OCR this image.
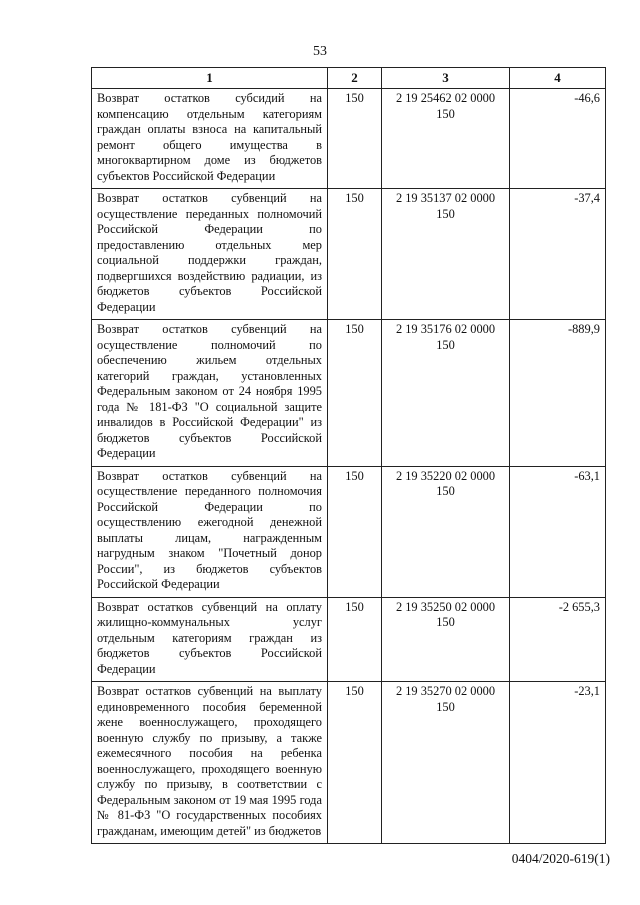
53
1	2	3	4
Возврат остатков субсидий на компенсацию отдельным категориям граждан оплаты взноса на капитальный ремонт общего имущества в многоквартирном доме из бюджетов субъектов Российской Федерации	150	2 19 25462 02 0000 150	-46,6
Возврат остатков субвенций на осуществление переданных полномочий Российской Федерации по предоставлению отдельных мер социальной поддержки граждан, подвергшихся воздействию радиации, из бюджетов субъектов Российской Федерации	150	2 19 35137 02 0000 150	-37,4
Возврат остатков субвенций на осуществление полномочий по обеспечению жильем отдельных категорий граждан, установленных Федеральным законом от 24 ноября 1995 года № 181-ФЗ "О социальной защите инвалидов в Российской Федерации" из бюджетов субъектов Российской Федерации	150	2 19 35176 02 0000 150	-889,9
Возврат остатков субвенций на осуществление переданного полномочия Российской Федерации по осуществлению ежегодной денежной выплаты лицам, награжденным нагрудным знаком "Почетный донор России", из бюджетов субъектов Российской Федерации	150	2 19 35220 02 0000 150	-63,1
Возврат остатков субвенций на оплату жилищно-коммунальных услуг отдельным категориям граждан из бюджетов субъектов Российской Федерации	150	2 19 35250 02 0000 150	-2 655,3
Возврат остатков субвенций на выплату единовременного пособия беременной жене военнослужащего, проходящего военную службу по призыву, а также ежемесячного пособия на ребенка военнослужащего, проходящего военную службу по призыву, в соответствии с Федеральным законом от 19 мая 1995 года № 81-ФЗ "О государственных пособиях гражданам, имеющим детей" из бюджетов	150	2 19 35270 02 0000 150	-23,1
0404/2020-619(1)
